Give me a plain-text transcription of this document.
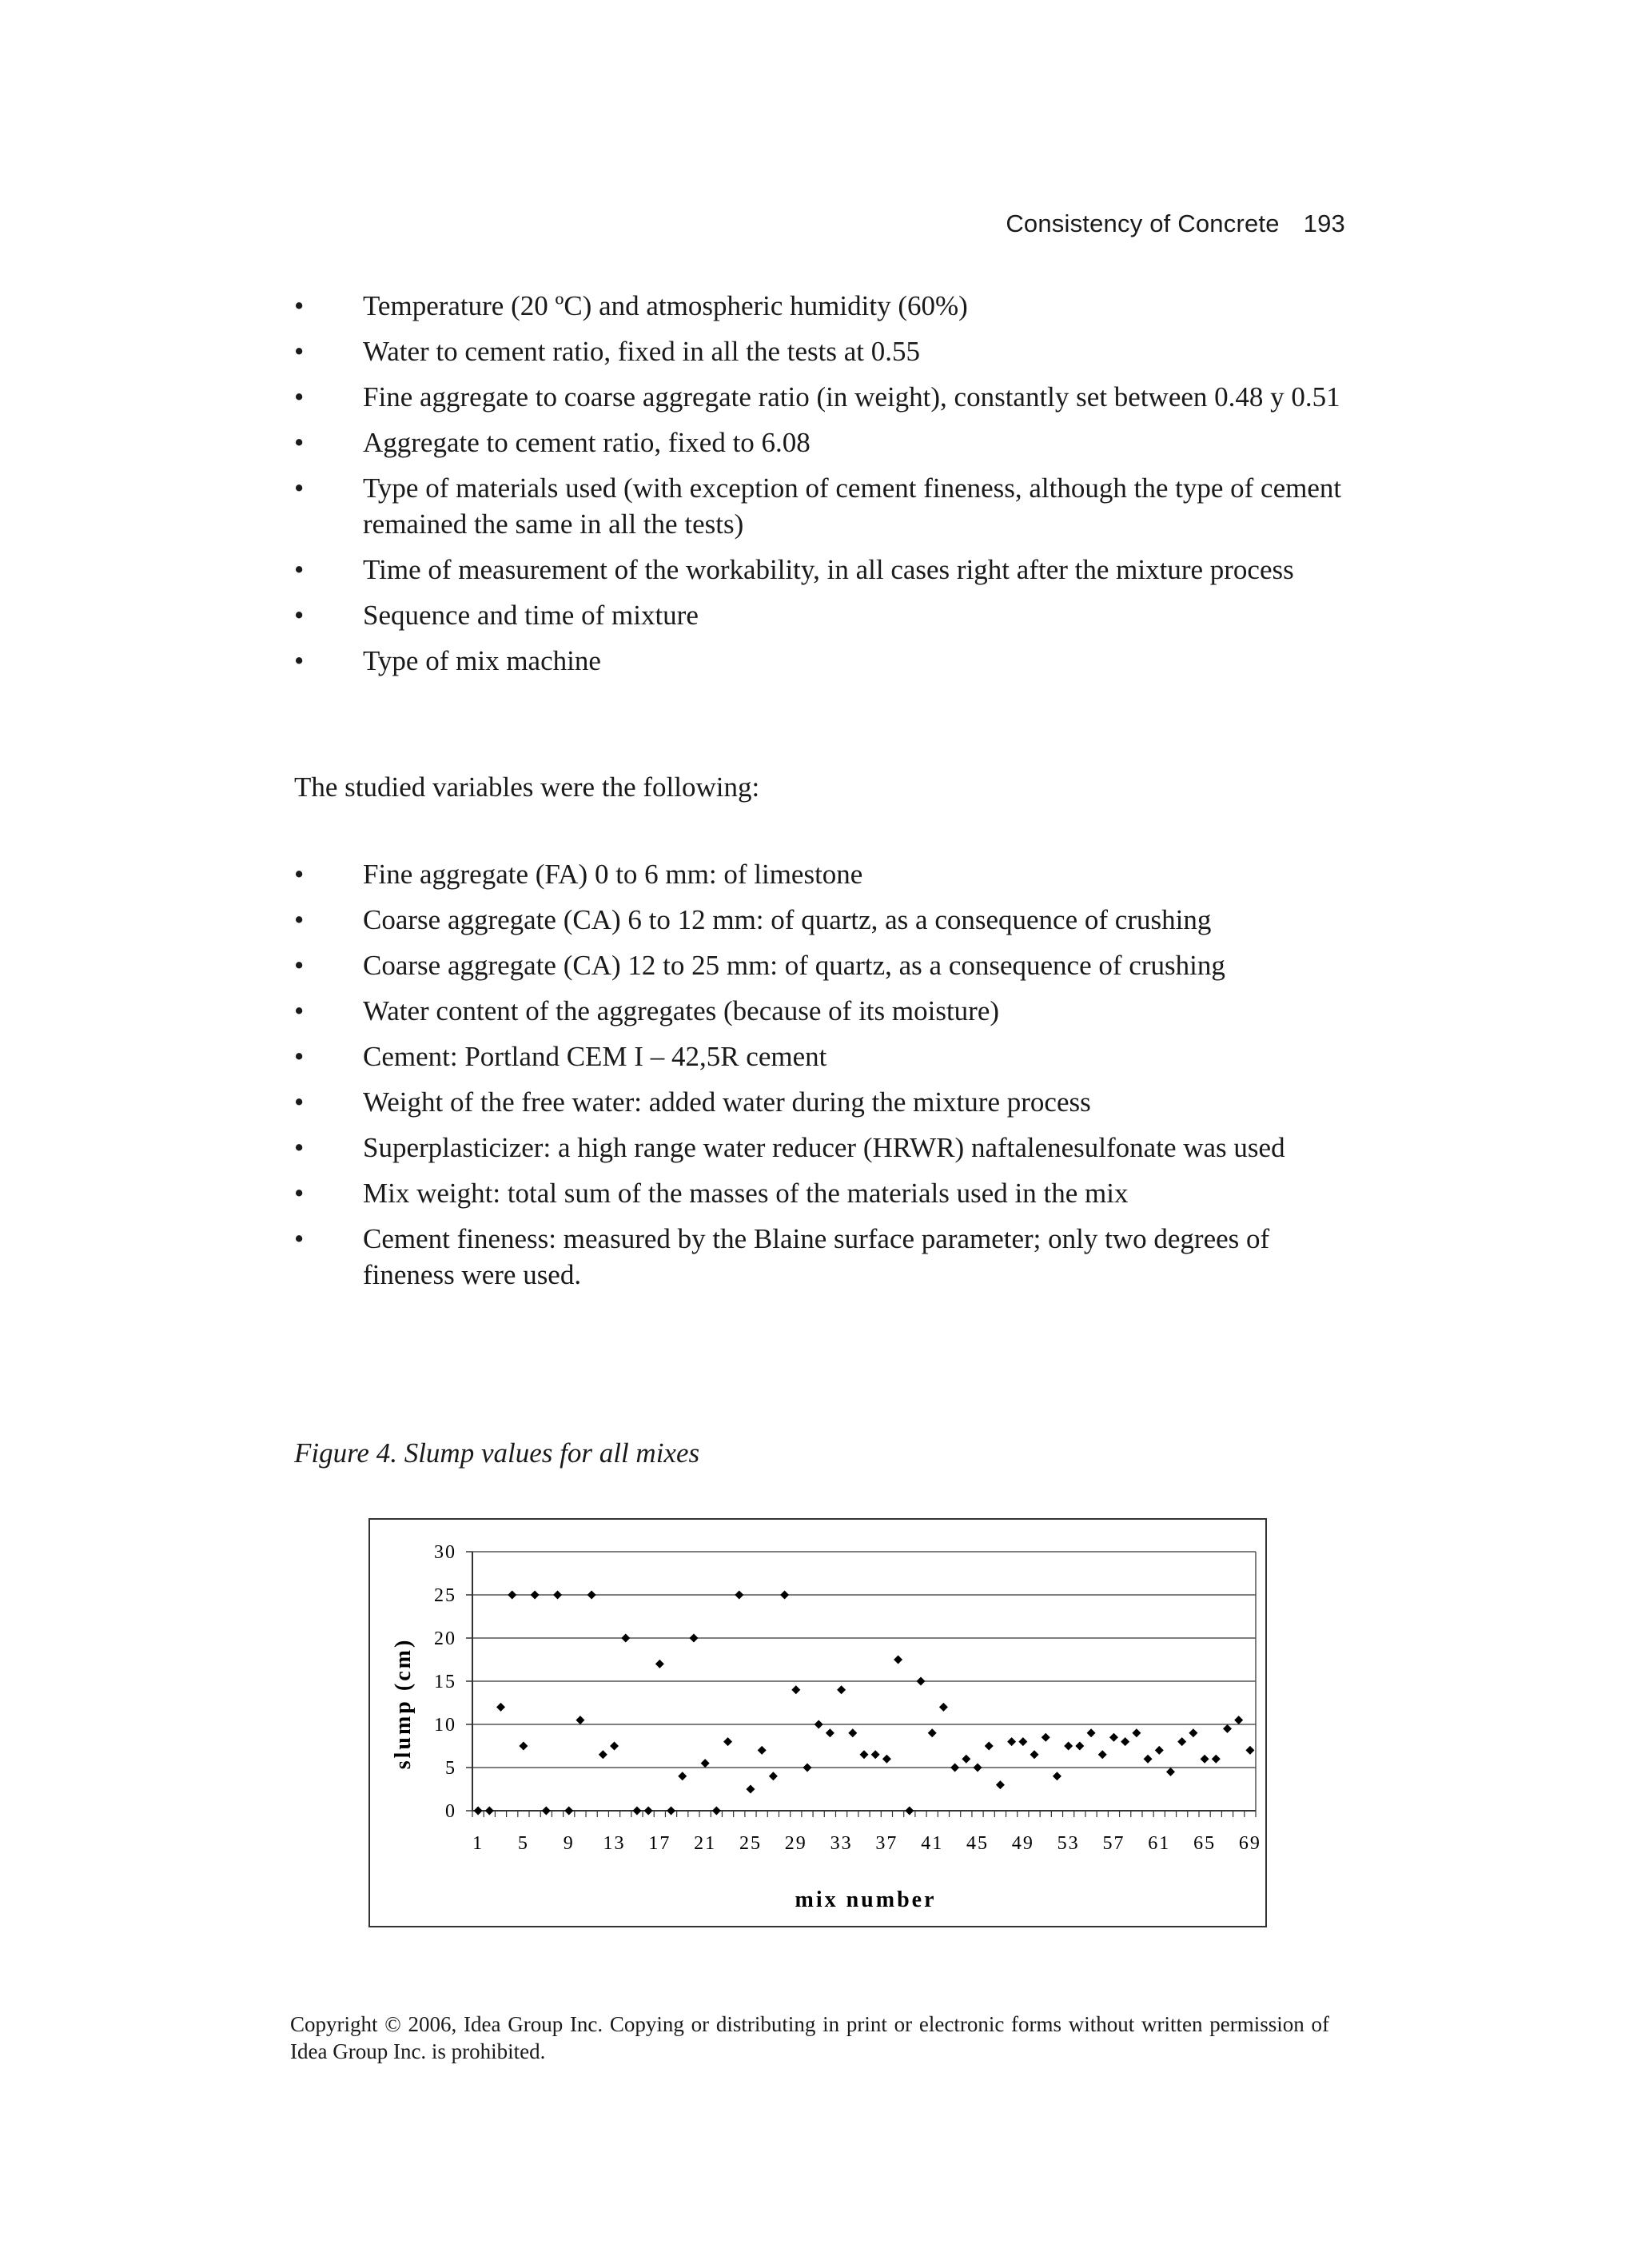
Consistency of Concrete 193
• Temperature (20 ºC) and atmospheric humidity (60%)
• Water to cement ratio, fixed in all the tests at 0.55
• Fine aggregate to coarse aggregate ratio (in weight), constantly set between 0.48 y 0.51
• Aggregate to cement ratio, fixed to 6.08
• Type of materials used (with exception of cement fineness, although the type of cement remained the same in all the tests)
• Time of measurement of the workability, in all cases right after the mixture process
• Sequence and time of mixture
• Type of mix machine
The studied variables were the following:
• Fine aggregate (FA) 0 to 6 mm: of limestone
• Coarse aggregate (CA) 6 to 12 mm: of quartz, as a consequence of crushing
• Coarse aggregate (CA) 12 to 25 mm: of quartz, as a consequence of crushing
• Water content of the aggregates (because of its moisture)
• Cement: Portland CEM I – 42,5R cement
• Weight of the free water: added water during the mixture process
• Superplasticizer: a high range water reducer (HRWR) naftalenesulfonate was used
• Mix weight: total sum of the masses of the materials used in the mix
• Cement fineness: measured by the Blaine surface parameter; only two degrees of fineness were used.
Figure 4. Slump values for all mixes
0
5
10
15
20
25
30
1 5 9 13 17 21 25 29 33 37 41 45 49 53 57 61 65 69
mix number
slump (cm)
Copyright © 2006, Idea Group Inc. Copying or distributing in print or electronic forms without written permission of Idea Group Inc. is prohibited.
